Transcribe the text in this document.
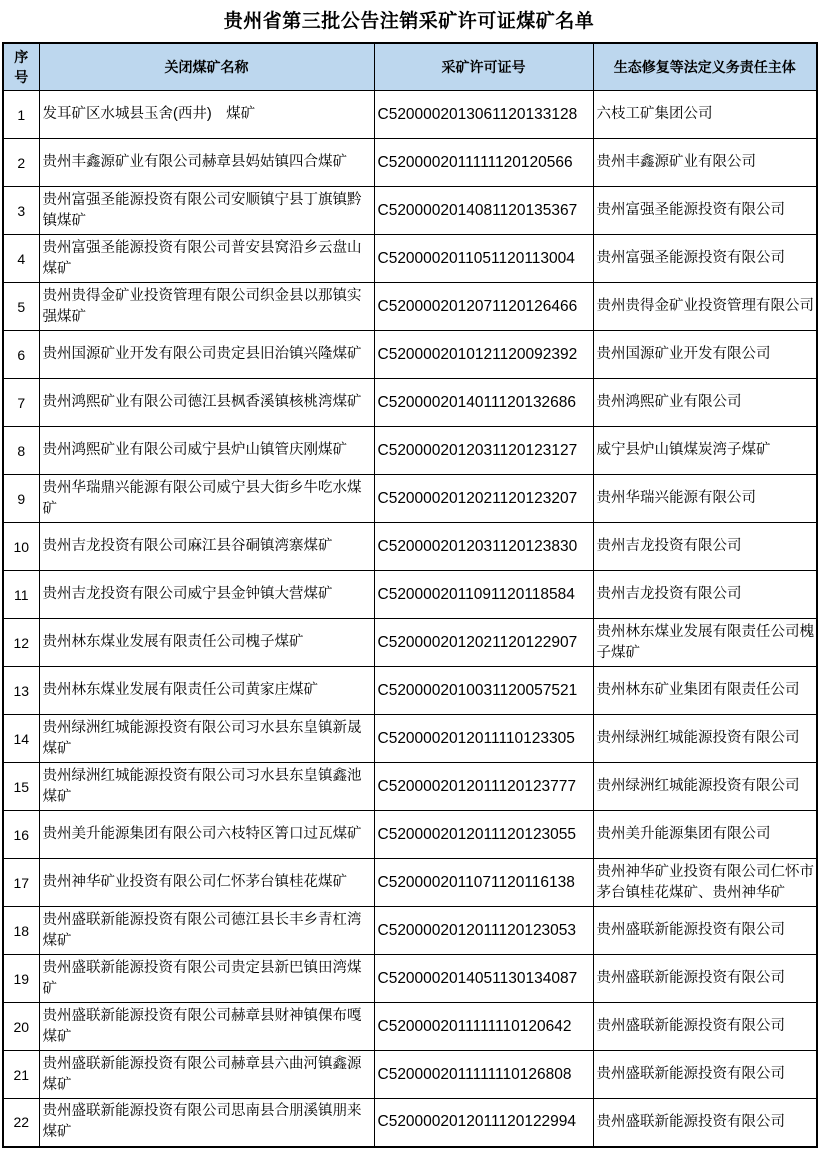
贵州省第三批公告注销采矿许可证煤矿名单
序号	关闭煤矿名称	采矿许可证号	生态修复等法定义务责任主体
1	发耳矿区水城县玉舍(西井)　煤矿	C5200002013061120133128	六枝工矿集团公司
2	贵州丰鑫源矿业有限公司赫章县妈姑镇四合煤矿	C5200002011111120120566	贵州丰鑫源矿业有限公司
3	贵州富强圣能源投资有限公司安顺镇宁县丁旗镇黔镇煤矿	C5200002014081120135367	贵州富强圣能源投资有限公司
4	贵州富强圣能源投资有限公司普安县窝沿乡云盘山煤矿	C5200002011051120113004	贵州富强圣能源投资有限公司
5	贵州贵得金矿业投资管理有限公司织金县以那镇实强煤矿	C5200002012071120126466	贵州贵得金矿业投资管理有限公司
6	贵州国源矿业开发有限公司贵定县旧治镇兴隆煤矿	C5200002010121120092392	贵州国源矿业开发有限公司
7	贵州鸿熙矿业有限公司德江县枫香溪镇核桃湾煤矿	C5200002014011120132686	贵州鸿熙矿业有限公司
8	贵州鸿熙矿业有限公司威宁县炉山镇管庆刚煤矿	C5200002012031120123127	威宁县炉山镇煤炭湾子煤矿
9	贵州华瑞鼎兴能源有限公司威宁县大街乡牛吃水煤矿	C5200002012021120123207	贵州华瑞兴能源有限公司
10	贵州吉龙投资有限公司麻江县谷硐镇湾寨煤矿	C5200002012031120123830	贵州吉龙投资有限公司
11	贵州吉龙投资有限公司威宁县金钟镇大营煤矿	C5200002011091120118584	贵州吉龙投资有限公司
12	贵州林东煤业发展有限责任公司槐子煤矿	C5200002012021120122907	贵州林东煤业发展有限责任公司槐子煤矿
13	贵州林东煤业发展有限责任公司黄家庄煤矿	C5200002010031120057521	贵州林东矿业集团有限责任公司
14	贵州绿洲红城能源投资有限公司习水县东皇镇新晟煤矿	C5200002012011110123305	贵州绿洲红城能源投资有限公司
15	贵州绿洲红城能源投资有限公司习水县东皇镇鑫池煤矿	C5200002012011120123777	贵州绿洲红城能源投资有限公司
16	贵州美升能源集团有限公司六枝特区箐口过瓦煤矿	C5200002012011120123055	贵州美升能源集团有限公司
17	贵州神华矿业投资有限公司仁怀茅台镇桂花煤矿	C5200002011071120116138	贵州神华矿业投资有限公司仁怀市茅台镇桂花煤矿、贵州神华矿
18	贵州盛联新能源投资有限公司德江县长丰乡青杠湾煤矿	C5200002012011120123053	贵州盛联新能源投资有限公司
19	贵州盛联新能源投资有限公司贵定县新巴镇田湾煤矿	C5200002014051130134087	贵州盛联新能源投资有限公司
20	贵州盛联新能源投资有限公司赫章县财神镇倮布嘎煤矿	C5200002011111110120642	贵州盛联新能源投资有限公司
21	贵州盛联新能源投资有限公司赫章县六曲河镇鑫源煤矿	C5200002011111110126808	贵州盛联新能源投资有限公司
22	贵州盛联新能源投资有限公司思南县合朋溪镇朋来煤矿	C5200002012011120122994	贵州盛联新能源投资有限公司
